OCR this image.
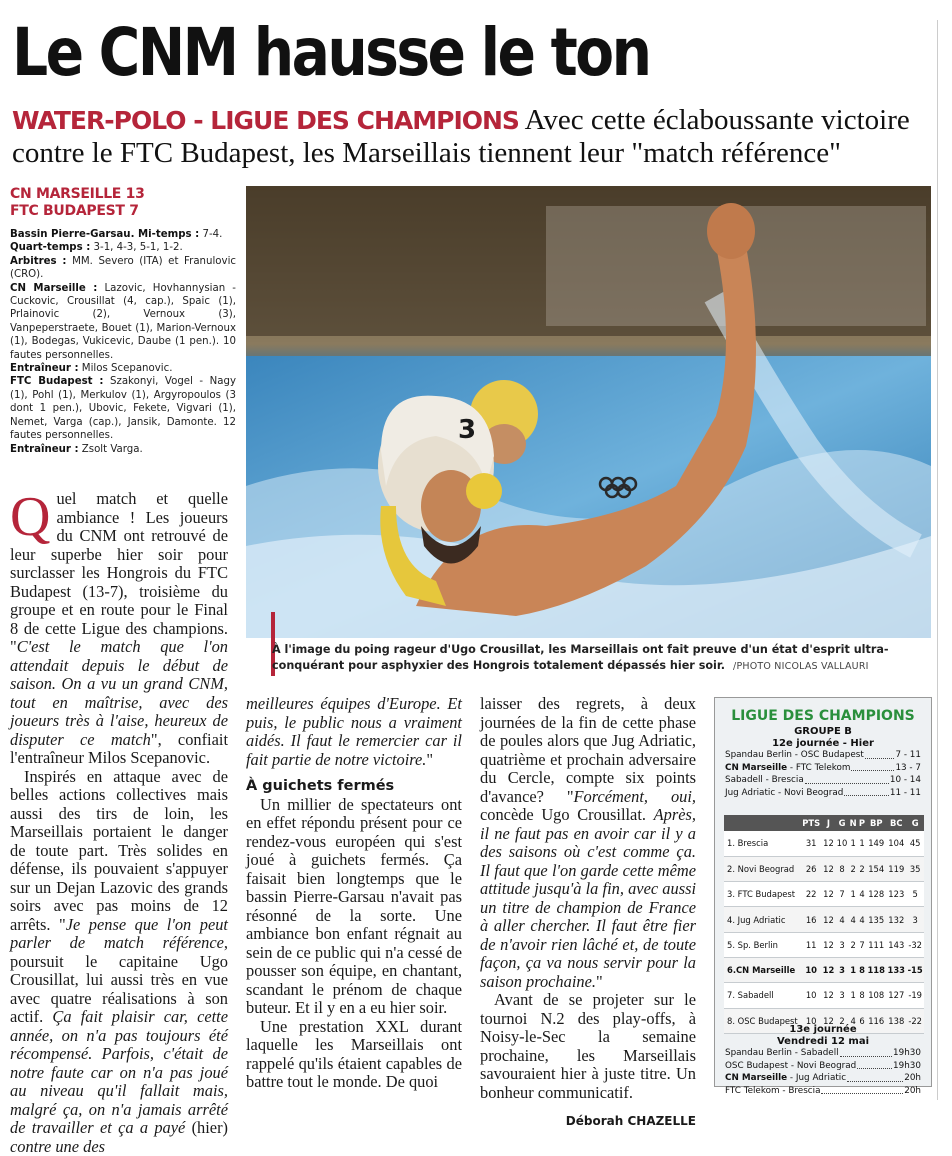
Le CNM hausse le ton
WATER-POLO - LIGUE DES CHAMPIONS Avec cette éclaboussante victoire contre le FTC Budapest, les Marseillais tiennent leur "match référence"
CN MARSEILLE 13
FTC BUDAPEST 7
Bassin Pierre-Garsau. Mi-temps : 7-4.
Quart-temps : 3-1, 4-3, 5-1, 1-2.
Arbitres : MM. Severo (ITA) et Franulovic (CRO).
CN Marseille : Lazovic, Hovhannysian - Cuckovic, Crousillat (4, cap.), Spaic (1), Prlainovic (2), Vernoux (3), Vanpeperstraete, Bouet (1), Marion-Vernoux (1), Bodegas, Vukicevic, Daube (1 pen.). 10 fautes personnelles.
Entraîneur : Milos Scepanovic.
FTC Budapest : Szakonyi, Vogel - Nagy (1), Pohl (1), Merkulov (1), Argyropoulos (3 dont 1 pen.), Ubovic, Fekete, Vigvari (1), Nemet, Varga (cap.), Jansik, Damonte. 12 fautes personnelles.
Entraîneur : Zsolt Varga.
3
À l'image du poing rageur d'Ugo Crousillat, les Marseillais ont fait preuve d'un état d'esprit ultra-conquérant pour asphyxier des Hongrois totalement dépassés hier soir. /PHOTO NICOLAS VALLAURI

Quel match et quelle ambiance ! Les joueurs du CNM ont retrouvé de leur superbe hier soir pour surclasser les Hongrois du FTC Budapest (13-7), troisième du groupe et en route pour le Final 8 de cette Ligue des champions. "C'est le match que l'on attendait depuis le début de saison. On a vu un grand CNM, tout en maîtrise, avec des joueurs très à l'aise, heureux de disputer ce match", confiait l'entraîneur Milos Scepanovic.

Inspirés en attaque avec de belles actions collectives mais aussi des tirs de loin, les Marseillais portaient le danger de toute part. Très solides en défense, ils pouvaient s'appuyer sur un Dejan Lazovic des grands soirs avec pas moins de 12 arrêts. "Je pense que l'on peut parler de match référence, poursuit le capitaine Ugo Crousillat, lui aussi très en vue avec quatre réalisations à son actif. Ça fait plaisir car, cette année, on n'a pas toujours été récompensé. Parfois, c'était de notre faute car on n'a pas joué au niveau qu'il fallait mais, malgré ça, on n'a jamais arrêté de travailler et ça a payé (hier) contre une des

meilleures équipes d'Europe. Et puis, le public nous a vraiment aidés. Il faut le remercier car il fait partie de notre victoire."

À guichets fermés

Un millier de spectateurs ont en effet répondu présent pour ce rendez-vous européen qui s'est joué à guichets fermés. Ça faisait bien longtemps que le bassin Pierre-Garsau n'avait pas résonné de la sorte. Une ambiance bon enfant régnait au sein de ce public qui n'a cessé de pousser son équipe, en chantant, scandant le prénom de chaque buteur. Et il y en a eu hier soir.

Une prestation XXL durant laquelle les Marseillais ont rappelé qu'ils étaient capables de battre tout le monde. De quoi

laisser des regrets, à deux journées de la fin de cette phase de poules alors que Jug Adriatic, quatrième et prochain adversaire du Cercle, compte six points d'avance? "Forcément, oui, concède Ugo Crousillat. Après, il ne faut pas en avoir car il y a des saisons où c'est comme ça. Il faut que l'on garde cette même attitude jusqu'à la fin, avec aussi un titre de champion de France à aller chercher. Il faut être fier de n'avoir rien lâché et, de toute façon, ça va nous servir pour la saison prochaine."

Avant de se projeter sur le tournoi N.2 des play-offs, à Noisy-le-Sec la semaine prochaine, les Marseillais savouraient hier à juste titre. Un bonheur communicatif.

Déborah CHAZELLE

LIGUE DES CHAMPIONS
GROUPE B
12e journée - Hier
Spandau Berlin - OSC Budapest	7 - 11
CN Marseille - FTC Telekom	13 - 7
Sabadell - Brescia	10 - 14
Jug Adriatic - Novi Beograd	11 - 11
	PTS	J	G	N	P	BP	BC	G
1. Brescia	31	12	10	1	1	149	104	45
2. Novi Beograd	26	12	8	2	2	154	119	35
3. FTC Budapest	22	12	7	1	4	128	123	5
4. Jug Adriatic	16	12	4	4	4	135	132	3
5. Sp. Berlin	11	12	3	2	7	111	143	-32
6.CN Marseille	10	12	3	1	8	118	133	-15
7. Sabadell	10	12	3	1	8	108	127	-19
8. OSC Budapest	10	12	2	4	6	116	138	-22
13e journée
Vendredi 12 mai
Spandau Berlin - Sabadell	19h30
OSC Budapest - Novi Beograd	19h30
CN Marseille - Jug Adriatic	20h
FTC Telekom - Brescia	20h
